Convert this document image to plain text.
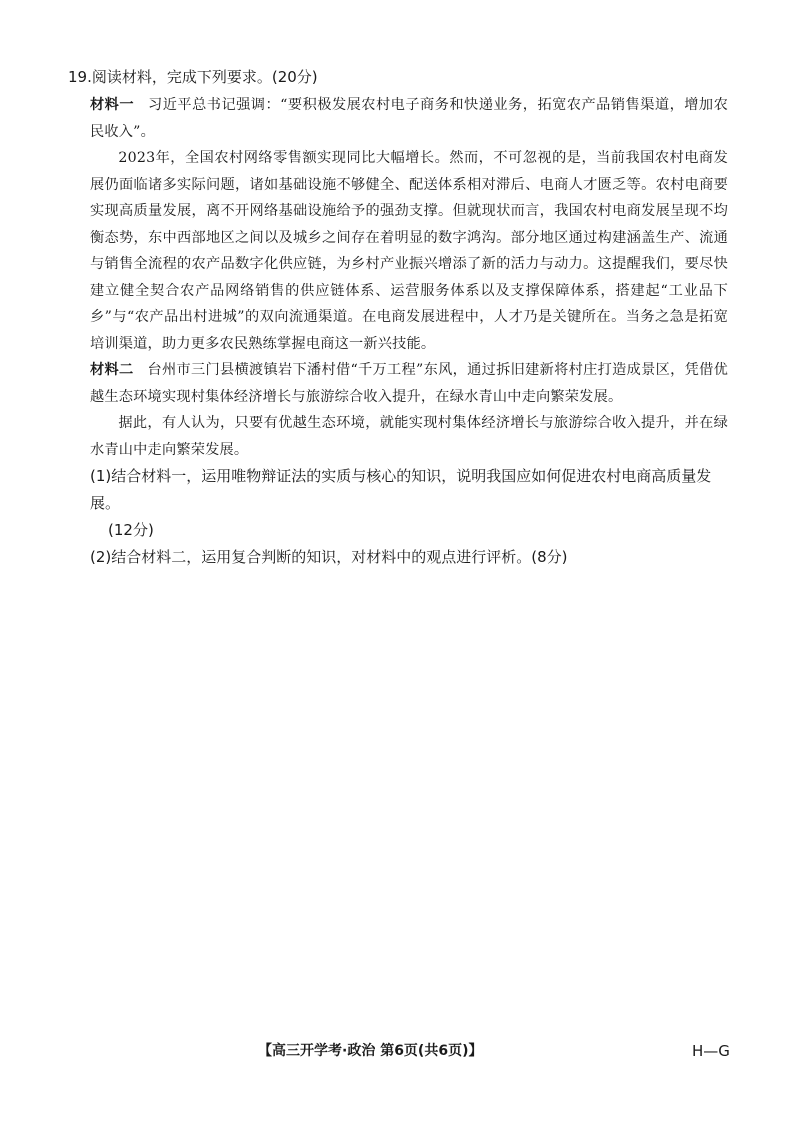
19.阅读材料，完成下列要求。(20分)

材料一 习近平总书记强调：“要积极发展农村电子商务和快递业务，拓宽农产品销售渠道，增加农民收入”。

2023年，全国农村网络零售额实现同比大幅增长。然而，不可忽视的是，当前我国农村电商发展仍面临诸多实际问题，诸如基础设施不够健全、配送体系相对滞后、电商人才匮乏等。农村电商要实现高质量发展，离不开网络基础设施给予的强劲支撑。但就现状而言，我国农村电商发展呈现不均衡态势，东中西部地区之间以及城乡之间存在着明显的数字鸿沟。部分地区通过构建涵盖生产、流通与销售全流程的农产品数字化供应链，为乡村产业振兴增添了新的活力与动力。这提醒我们，要尽快建立健全契合农产品网络销售的供应链体系、运营服务体系以及支撑保障体系，搭建起“工业品下乡”与“农产品出村进城”的双向流通渠道。在电商发展进程中，人才乃是关键所在。当务之急是拓宽培训渠道，助力更多农民熟练掌握电商这一新兴技能。

材料二 台州市三门县横渡镇岩下潘村借“千万工程”东风，通过拆旧建新将村庄打造成景区，凭借优越生态环境实现村集体经济增长与旅游综合收入提升，在绿水青山中走向繁荣发展。

据此，有人认为，只要有优越生态环境，就能实现村集体经济增长与旅游综合收入提升，并在绿水青山中走向繁荣发展。

(1)结合材料一，运用唯物辩证法的实质与核心的知识，说明我国应如何促进农村电商高质量发展。

(12分)

(2)结合材料二，运用复合判断的知识，对材料中的观点进行评析。(8分)

【高三开学考·政治 第6页(共6页)】	H—G
